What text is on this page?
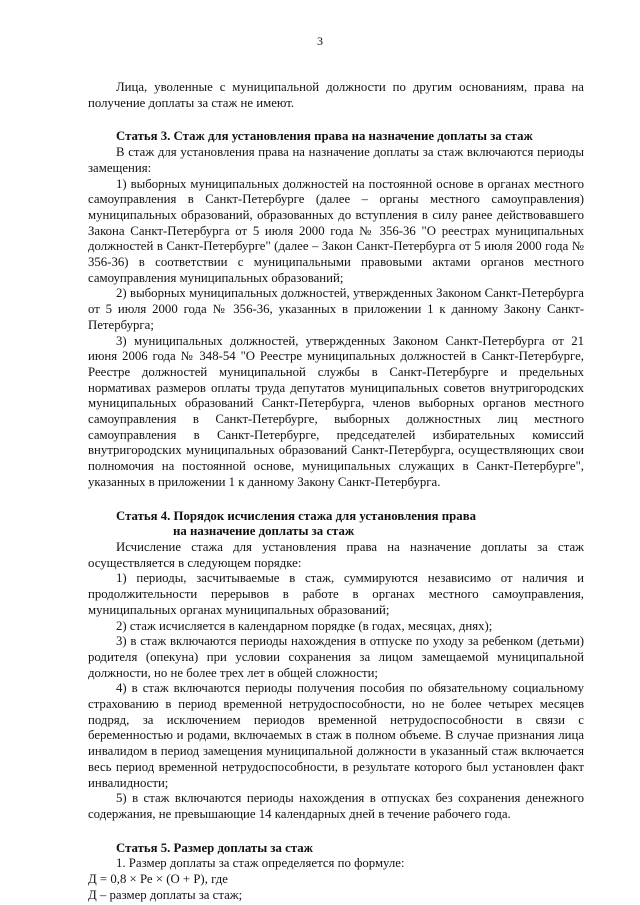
3

Лица, уволенные с муниципальной должности по другим основаниям, права на получение доплаты за стаж не имеют.

Статья 3. Стаж для установления права на назначение доплаты за стаж

В стаж для установления права на назначение доплаты за стаж включаются периоды замещения:

1) выборных муниципальных должностей на постоянной основе в органах местного самоуправления в Санкт-Петербурге (далее – органы местного самоуправления) муниципальных образований, образованных до вступления в силу ранее действовавшего Закона Санкт-Петербурга от 5 июля 2000 года № 356-36 "О реестрах муниципальных должностей в Санкт-Петербурге" (далее – Закон Санкт-Петербурга от 5 июля 2000 года № 356-36) в соответствии с муниципальными правовыми актами органов местного самоуправления муниципальных образований;

2) выборных муниципальных должностей, утвержденных Законом Санкт-Петербурга от 5 июля 2000 года № 356-36, указанных в приложении 1 к данному Закону Санкт-Петербурга;

3) муниципальных должностей, утвержденных Законом Санкт-Петербурга от 21 июня 2006 года № 348-54 "О Реестре муниципальных должностей в Санкт-Петербурге, Реестре должностей муниципальной службы в Санкт-Петербурге и предельных нормативах размеров оплаты труда депутатов муниципальных советов внутригородских муниципальных образований Санкт-Петербурга, членов выборных органов местного самоуправления в Санкт-Петербурге, выборных должностных лиц местного самоуправления в Санкт-Петербурге, председателей избирательных комиссий внутригородских муниципальных образований Санкт-Петербурга, осуществляющих свои полномочия на постоянной основе, муниципальных служащих в Санкт-Петербурге", указанных в приложении 1 к данному Закону Санкт-Петербурга.

Статья 4. Порядок исчисления стажа для установления права
на назначение доплаты за стаж

Исчисление стажа для установления права на назначение доплаты за стаж осуществляется в следующем порядке:

1) периоды, засчитываемые в стаж, суммируются независимо от наличия и продолжительности перерывов в работе в органах местного самоуправления, муниципальных органах муниципальных образований;

2) стаж исчисляется в календарном порядке (в годах, месяцах, днях);

3) в стаж включаются периоды нахождения в отпуске по уходу за ребенком (детьми) родителя (опекуна) при условии сохранения за лицом замещаемой муниципальной должности, но не более трех лет в общей сложности;

4) в стаж включаются периоды получения пособия по обязательному социальному страхованию в период временной нетрудоспособности, но не более четырех месяцев подряд, за исключением периодов временной нетрудоспособности в связи с беременностью и родами, включаемых в стаж в полном объеме. В случае признания лица инвалидом в период замещения муниципальной должности в указанный стаж включается весь период временной нетрудоспособности, в результате которого был установлен факт инвалидности;

5) в стаж включаются периоды нахождения в отпусках без сохранения денежного содержания, не превышающие 14 календарных дней в течение рабочего года.

Статья 5. Размер доплаты за стаж

1. Размер доплаты за стаж определяется по формуле:

Д = 0,8 × Ре × (О + Р), где

Д – размер доплаты за стаж;
